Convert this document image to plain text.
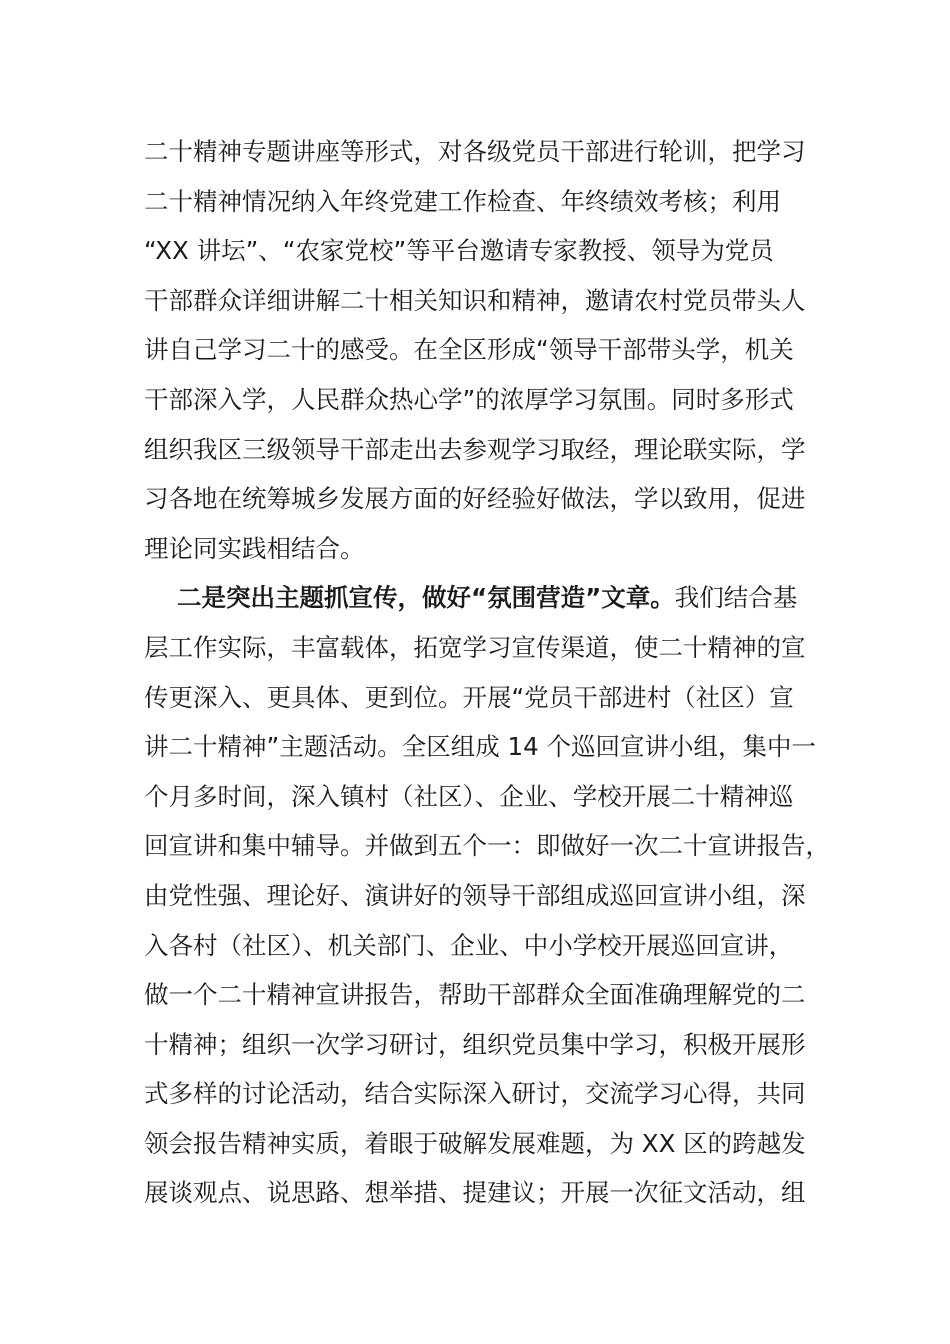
二十精神专题讲座等形式，对各级党员干部进行轮训，把学习
二十精神情况纳入年终党建工作检查、年终绩效考核；利用
“XX 讲坛”、“农家党校”等平台邀请专家教授、领导为党员
干部群众详细讲解二十相关知识和精神，邀请农村党员带头人
讲自己学习二十的感受。在全区形成“领导干部带头学，机关
干部深入学，人民群众热心学”的浓厚学习氛围。同时多形式
组织我区三级领导干部走出去参观学习取经，理论联实际，学
习各地在统筹城乡发展方面的好经验好做法，学以致用，促进
理论同实践相结合。
二是突出主题抓宣传，做好“氛围营造”文章。我们结合基
层工作实际，丰富载体，拓宽学习宣传渠道，使二十精神的宣
传更深入、更具体、更到位。开展“党员干部进村（社区）宣
讲二十精神”主题活动。全区组成 14 个巡回宣讲小组，集中一
个月多时间，深入镇村（社区）、企业、学校开展二十精神巡
回宣讲和集中辅导。并做到五个一：即做好一次二十宣讲报告，
由党性强、理论好、演讲好的领导干部组成巡回宣讲小组，深
入各村（社区）、机关部门、企业、中小学校开展巡回宣讲，
做一个二十精神宣讲报告，帮助干部群众全面准确理解党的二
十精神；组织一次学习研讨，组织党员集中学习，积极开展形
式多样的讨论活动，结合实际深入研讨，交流学习心得，共同
领会报告精神实质，着眼于破解发展难题，为 XX 区的跨越发
展谈观点、说思路、想举措、提建议；开展一次征文活动，组
